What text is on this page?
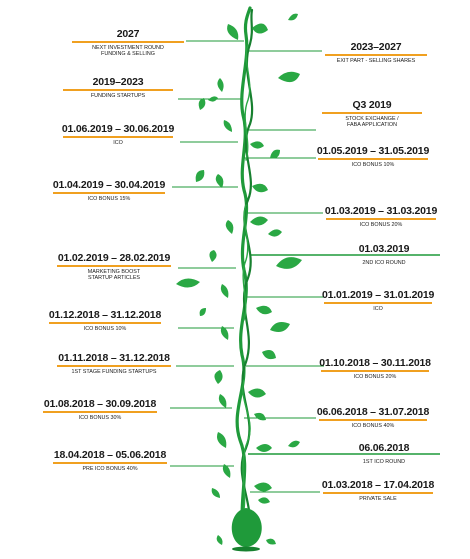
2027
NEXT INVESTMENT ROUND
FUNDING & SELLING
2019–2023
FUNDING STARTUPS
01.06.2019 – 30.06.2019
ICO
01.04.2019 – 30.04.2019
ICO BONUS 15%
01.02.2019 – 28.02.2019
MARKETING BOOST
STARTUP ARTICLES
01.12.2018 – 31.12.2018
ICO BONUS 10%
01.11.2018 – 31.12.2018
1ST STAGE FUNDING STARTUPS
01.08.2018 – 30.09.2018
ICO BONUS 30%
18.04.2018 – 05.06.2018
PRE ICO BONUS 40%
2023–2027
EXIT PART - SELLING SHARES
Q3 2019
STOCK EXCHANGE /
FABA APPLICATION
01.05.2019 – 31.05.2019
ICO BONUS 10%
01.03.2019 – 31.03.2019
ICO BONUS 20%
01.03.2019
2ND ICO ROUND
01.01.2019 – 31.01.2019
ICO
01.10.2018 – 30.11.2018
ICO BONUS 20%
06.06.2018 – 31.07.2018
ICO BONUS 40%
06.06.2018
1ST ICO ROUND
01.03.2018 – 17.04.2018
PRIVATE SALE
